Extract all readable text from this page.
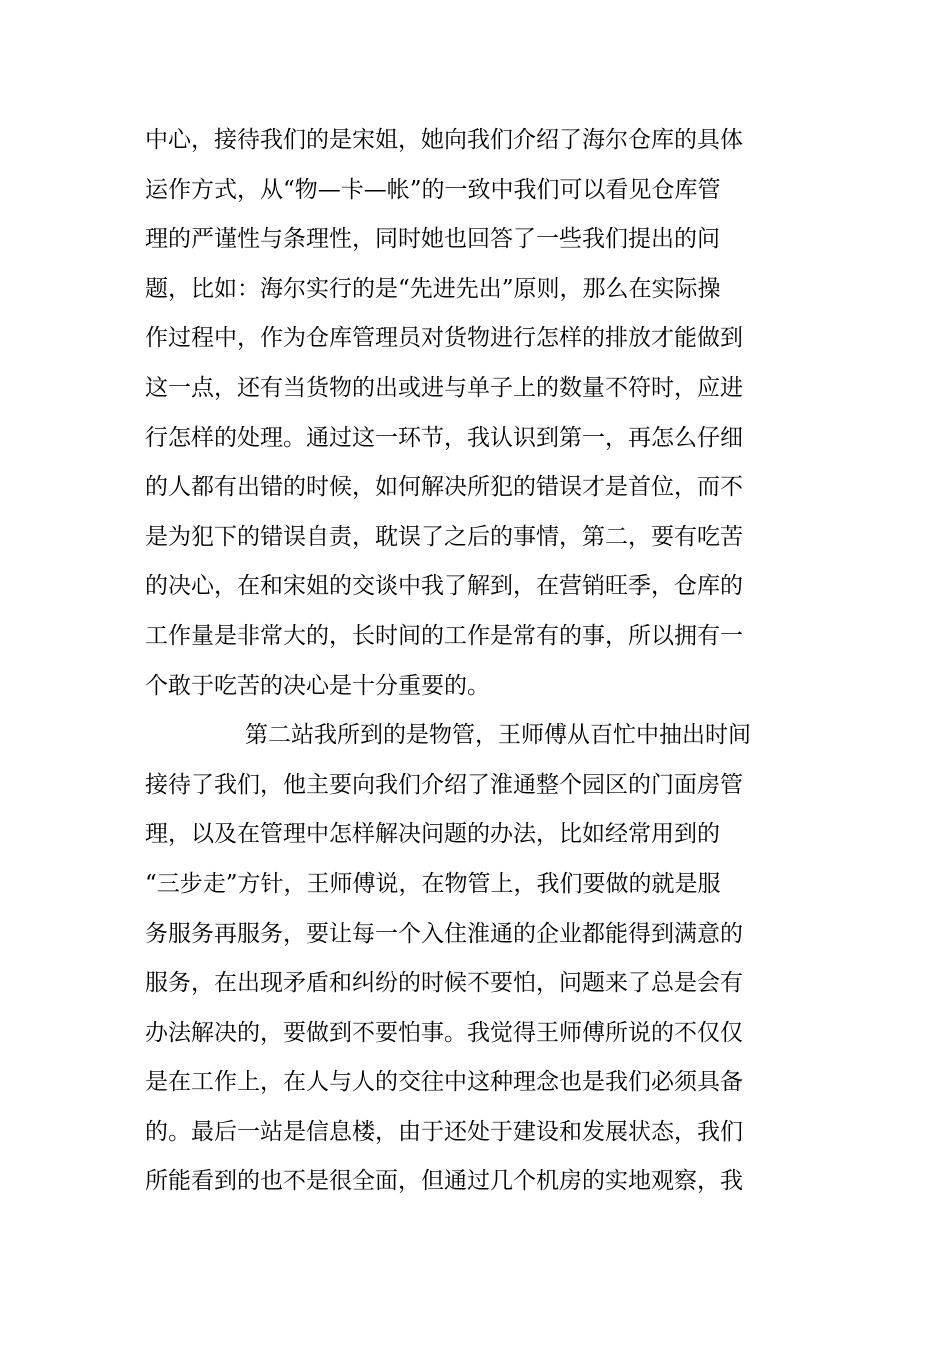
中心，接待我们的是宋姐，她向我们介绍了海尔仓库的具体
运作方式，从“物—卡—帐”的一致中我们可以看见仓库管
理的严谨性与条理性，同时她也回答了一些我们提出的问
题，比如：海尔实行的是“先进先出”原则，那么在实际操
作过程中，作为仓库管理员对货物进行怎样的排放才能做到
这一点，还有当货物的出或进与单子上的数量不符时，应进
行怎样的处理。通过这一环节，我认识到第一，再怎么仔细
的人都有出错的时候，如何解决所犯的错误才是首位，而不
是为犯下的错误自责，耽误了之后的事情，第二，要有吃苦
的决心，在和宋姐的交谈中我了解到，在营销旺季，仓库的
工作量是非常大的，长时间的工作是常有的事，所以拥有一
个敢于吃苦的决心是十分重要的。
第二站我所到的是物管，王师傅从百忙中抽出时间
接待了我们，他主要向我们介绍了淮通整个园区的门面房管
理，以及在管理中怎样解决问题的办法，比如经常用到的
“三步走”方针，王师傅说，在物管上，我们要做的就是服
务服务再服务，要让每一个入住淮通的企业都能得到满意的
服务，在出现矛盾和纠纷的时候不要怕，问题来了总是会有
办法解决的，要做到不要怕事。我觉得王师傅所说的不仅仅
是在工作上，在人与人的交往中这种理念也是我们必须具备
的。最后一站是信息楼，由于还处于建设和发展状态，我们
所能看到的也不是很全面，但通过几个机房的实地观察，我
